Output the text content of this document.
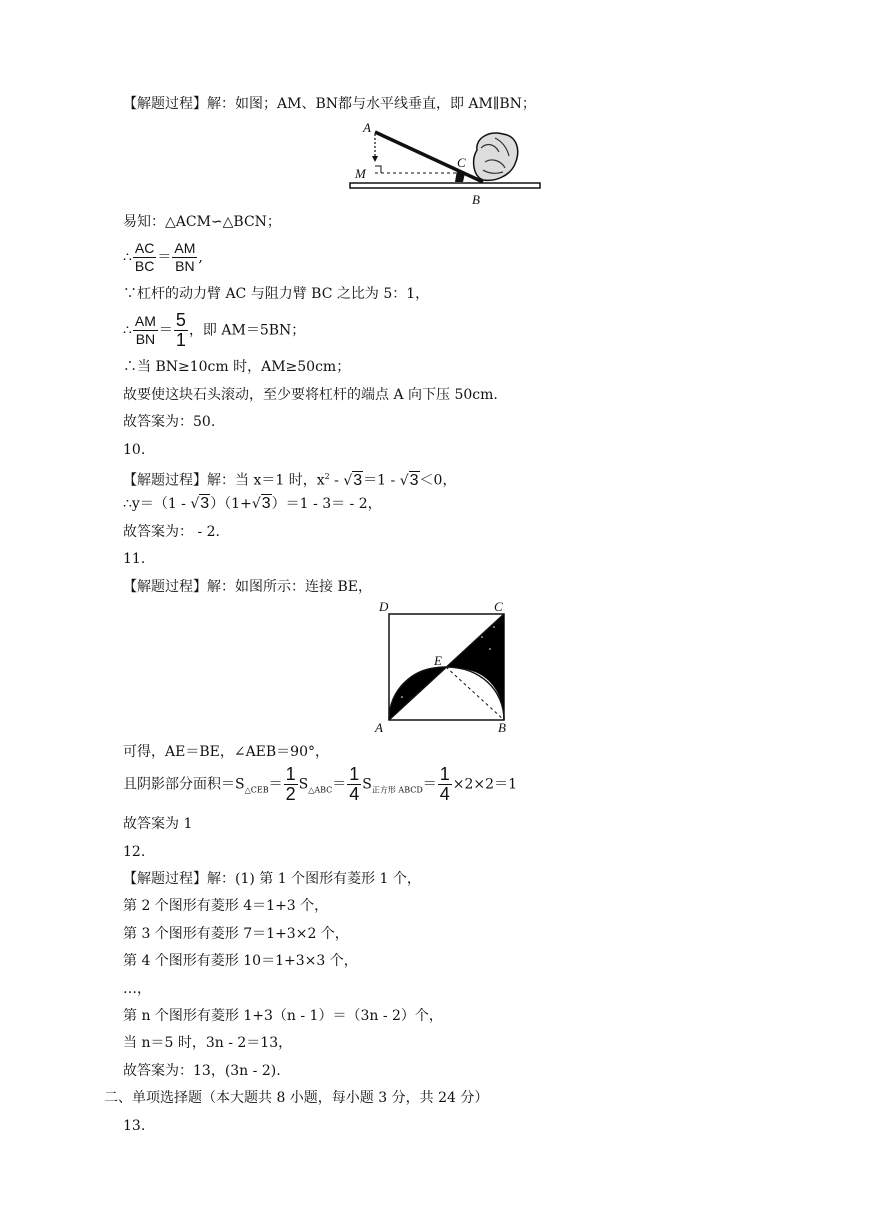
【解题过程】解：如图；AM、BN都与水平线垂直，即 AM∥BN；
A
C
M
B
易知：△ACM∽△BCN；
∴ $\frac{AC}{BC} = \frac{AM}{BN}$ ,
∵杠杆的动力臂 AC 与阻力臂 BC 之比为 5：1，
∴ $\frac{AM}{BN} = \frac{5}{1}$ ，即 AM＝5BN；
∴当 BN≥10cm 时，AM≥50cm；
故要使这块石头滚动，至少要将杠杆的端点 A 向下压 50cm.
故答案为：50.
10.
【解题过程】解：当 x＝1 时，$x^2 - √3=1 - √3<0$，
∴y＝（1 - √3）（1+√3）＝1 - 3＝ - 2，
故答案为： - 2.
11.
【解题过程】解：如图所示：连接 BE，
D	C
E
A	B
可得，AE＝BE，∠AEB＝90°，
且阴影部分面积$=S_{\triangle CEB}= \frac{1}{2} S_{\triangle ABC}= \frac{1}{4} S_{正方形 ABCD}= \frac{1}{4} \times 2\times 2=1$
故答案为 1
12.
【解题过程】解：(1) 第 1 个图形有菱形 1 个，
第 2 个图形有菱形 4＝1+3 个，
第 3 个图形有菱形 7＝1+3×2 个，
第 4 个图形有菱形 10＝1+3×3 个，
…，
第 n 个图形有菱形 1+3（n - 1）＝（3n - 2）个，
当 n＝5 时，3n - 2＝13，
故答案为：13，(3n - 2).
二、单项选择题（本大题共 8 小题，每小题 3 分，共 24 分）
13.
